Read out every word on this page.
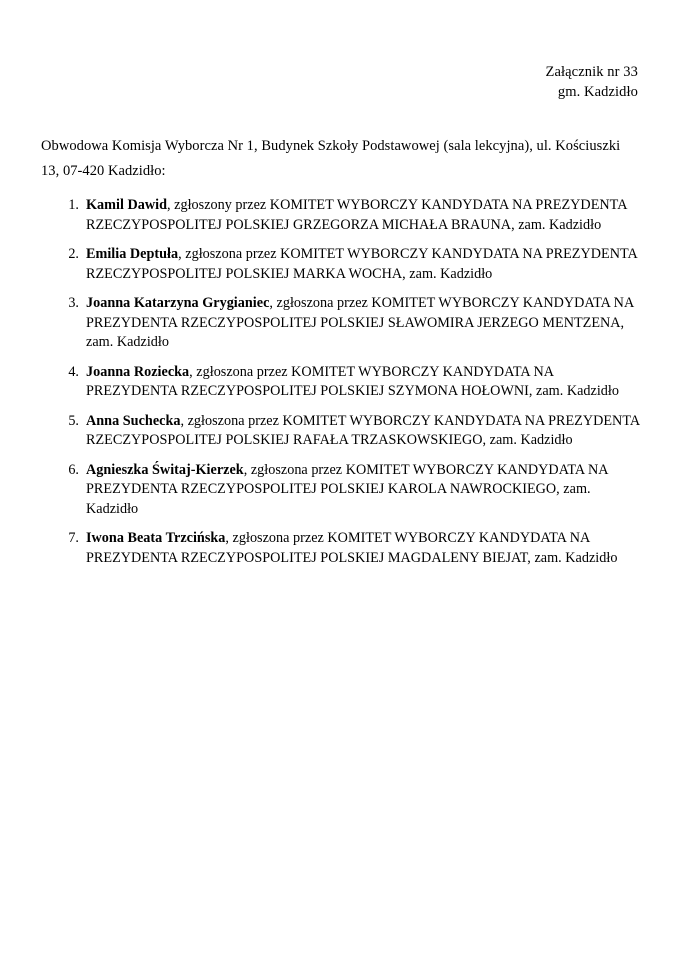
Załącznik nr 33
gm. Kadzidło

Obwodowa Komisja Wyborcza Nr 1, Budynek Szkoły Podstawowej (sala lekcyjna), ul. Kościuszki 13, 07-420 Kadzidło:

1. Kamil Dawid, zgłoszony przez KOMITET WYBORCZY KANDYDATA NA PREZYDENTA RZECZYPOSPOLITEJ POLSKIEJ GRZEGORZA MICHAŁA BRAUNA, zam. Kadzidło
2. Emilia Deptuła, zgłoszona przez KOMITET WYBORCZY KANDYDATA NA PREZYDENTA RZECZYPOSPOLITEJ POLSKIEJ MARKA WOCHA, zam. Kadzidło
3. Joanna Katarzyna Grygianiec, zgłoszona przez KOMITET WYBORCZY KANDYDATA NA PREZYDENTA RZECZYPOSPOLITEJ POLSKIEJ SŁAWOMIRA JERZEGO MENTZENA, zam. Kadzidło
4. Joanna Roziecka, zgłoszona przez KOMITET WYBORCZY KANDYDATA NA PREZYDENTA RZECZYPOSPOLITEJ POLSKIEJ SZYMONA HOŁOWNI, zam. Kadzidło
5. Anna Suchecka, zgłoszona przez KOMITET WYBORCZY KANDYDATA NA PREZYDENTA RZECZYPOSPOLITEJ POLSKIEJ RAFAŁA TRZASKOWSKIEGO, zam. Kadzidło
6. Agnieszka Świtaj-Kierzek, zgłoszona przez KOMITET WYBORCZY KANDYDATA NA PREZYDENTA RZECZYPOSPOLITEJ POLSKIEJ KAROLA NAWROCKIEGO, zam. Kadzidło
7. Iwona Beata Trzcińska, zgłoszona przez KOMITET WYBORCZY KANDYDATA NA PREZYDENTA RZECZYPOSPOLITEJ POLSKIEJ MAGDALENY BIEJAT, zam. Kadzidło
